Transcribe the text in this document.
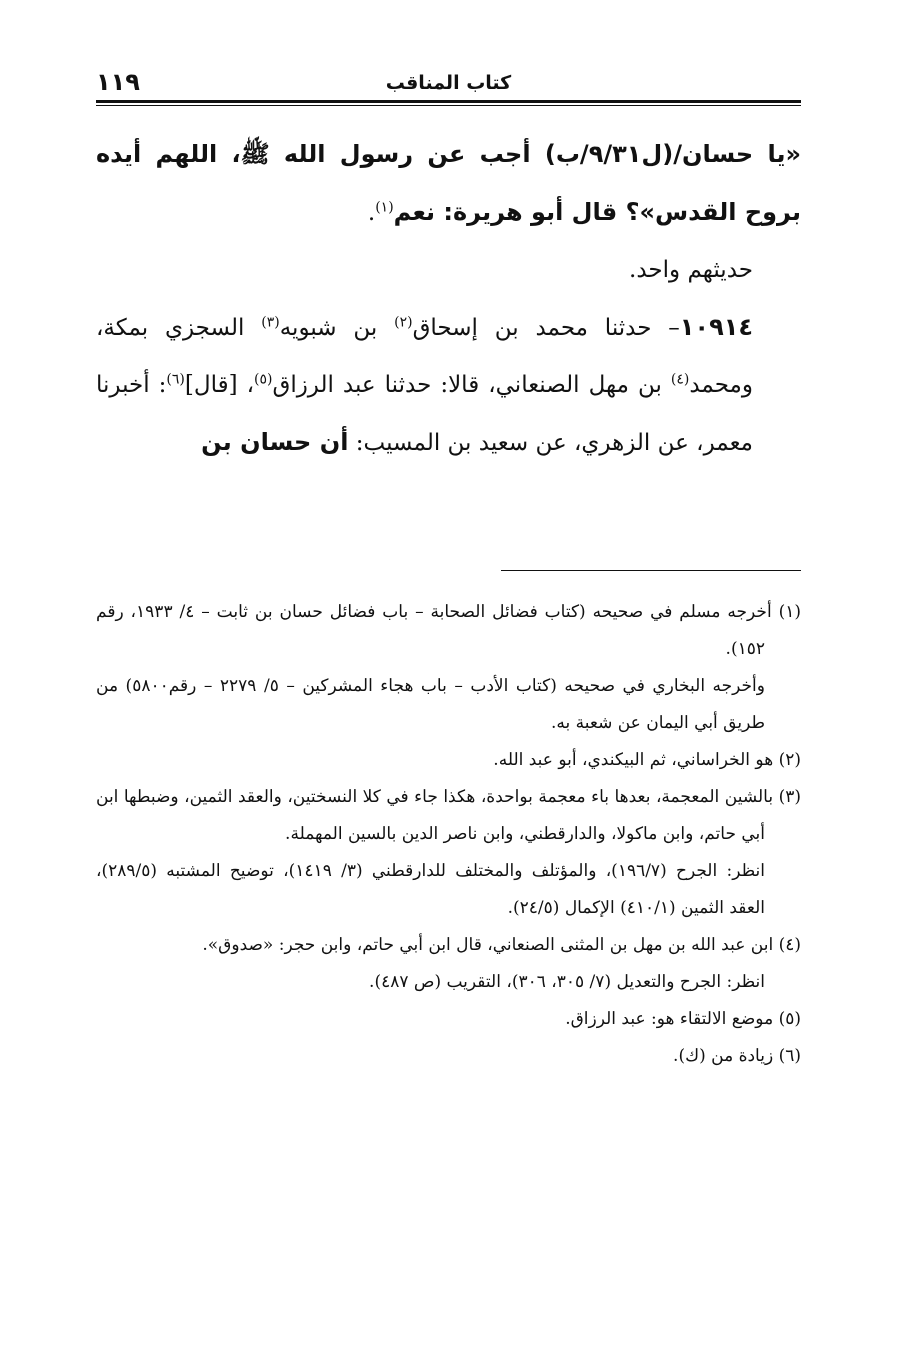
١١٩	كتاب المناقب

«يا حسان/(ل٩/٣١/ب) أجب عن رسول الله ﷺ، اللهم أيده بروح القدس»؟ قال أبو هريرة: نعم$^{(١)}$.

حديثهم واحد.

١٠٩١٤– حدثنا محمد بن إسحاق$^{(٢)}$ بن شبويه$^{(٣)}$ السجزي بمكة، ومحمد$^{(٤)}$ بن مهل الصنعاني، قالا: حدثنا عبد الرزاق$^{(٥)}$، [قال]$^{(٦)}$: أخبرنا معمر، عن الزهري، عن سعيد بن المسيب: أن حسان بن

(١) أخرجه مسلم في صحيحه (كتاب فضائل الصحابة – باب فضائل حسان بن ثابت – ٤/ ١٩٣٣، رقم ١٥٢).

وأخرجه البخاري في صحيحه (كتاب الأدب – باب هجاء المشركين – ٥/ ٢٢٧٩ – رقم٥٨٠٠) من طريق أبي اليمان عن شعبة به.

(٢) هو الخراساني، ثم البيكندي، أبو عبد الله.

(٣) بالشين المعجمة، بعدها باء معجمة بواحدة، هكذا جاء في كلا النسختين، والعقد الثمين، وضبطها ابن أبي حاتم، وابن ماكولا، والدارقطني، وابن ناصر الدين بالسين المهملة.

انظر: الجرح (١٩٦/٧)، والمؤتلف والمختلف للدارقطني (٣/ ١٤١٩)، توضيح المشتبه (٢٨٩/٥)، العقد الثمين (٤١٠/١) الإكمال (٢٤/٥).

(٤) ابن عبد الله بن مهل بن المثنى الصنعاني، قال ابن أبي حاتم، وابن حجر: «صدوق».

انظر: الجرح والتعديل (٧/ ٣٠٥، ٣٠٦)، التقريب (ص ٤٨٧).

(٥) موضع الالتقاء هو: عبد الرزاق.

(٦) زيادة من (ك).
